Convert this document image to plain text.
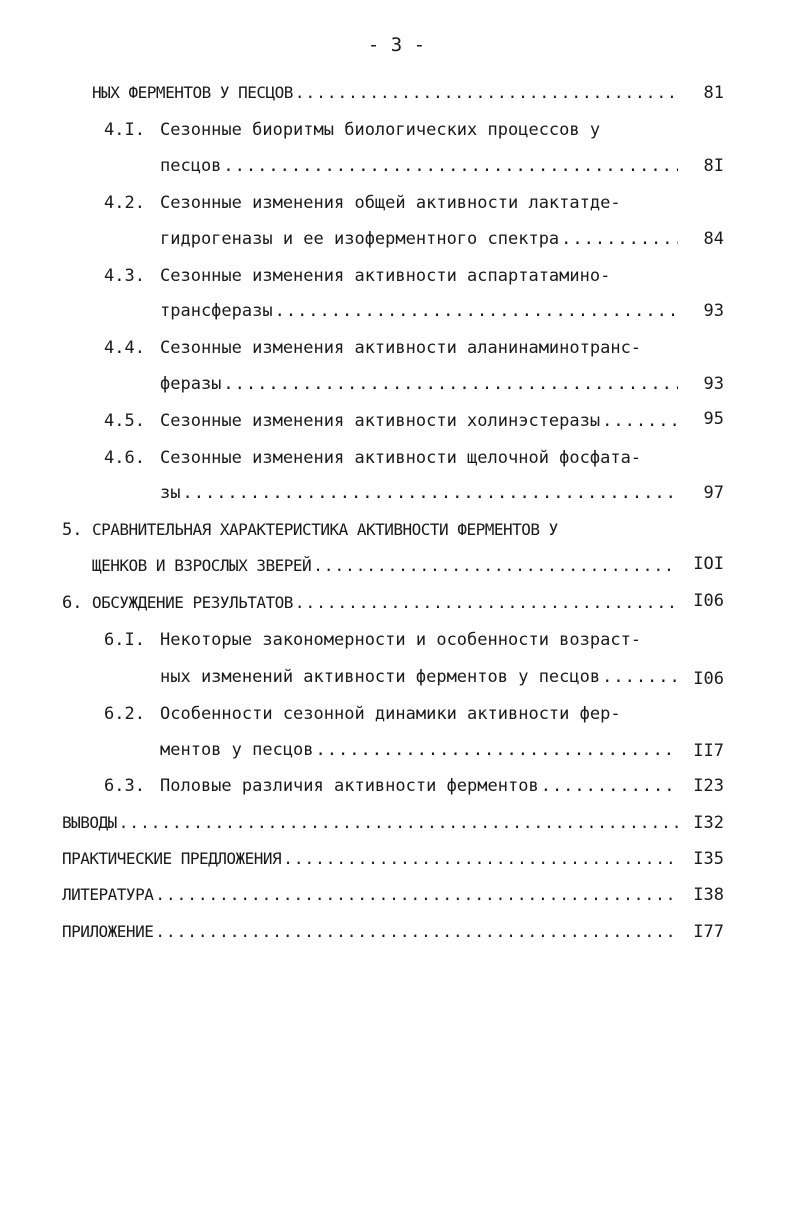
- 3 -
НЫХ ФЕРМЕНТОВ У ПЕСЦОВ .....	81
4.I. Сезонные биоритмы биологических процессов у
песцов .....	8I
4.2. Сезонные изменения общей активности лактатде-
гидрогеназы и ее изоферментного спектра .....	84
4.3. Сезонные изменения активности аспартатамино-
трансферазы .....	93
4.4. Сезонные изменения активности аланинаминотранс-
феразы .....	93
4.5. Сезонные изменения активности холинэстеразы .....	95
4.6. Сезонные изменения активности щелочной фосфата-
зы .....	97
5. СРАВНИТЕЛЬНАЯ ХАРАКТЕРИСТИКА АКТИВНОСТИ ФЕРМЕНТОВ У
ЩЕНКОВ И ВЗРОСЛЫХ ЗВЕРЕЙ .....	IOI
6. ОБСУЖДЕНИЕ РЕЗУЛЬТАТОВ .....	I06
6.I. Некоторые закономерности и особенности возраст-
ных изменений активности ферментов у песцов .....	I06
6.2. Особенности сезонной динамики активности фер-
ментов у песцов .....	II7
6.3. Половые различия активности ферментов .....	I23
ВЫВОДЫ .....	I32
ПРАКТИЧЕСКИЕ ПРЕДЛОЖЕНИЯ .....	I35
ЛИТЕРАТУРА .....	I38
ПРИЛОЖЕНИЕ .....	I77
